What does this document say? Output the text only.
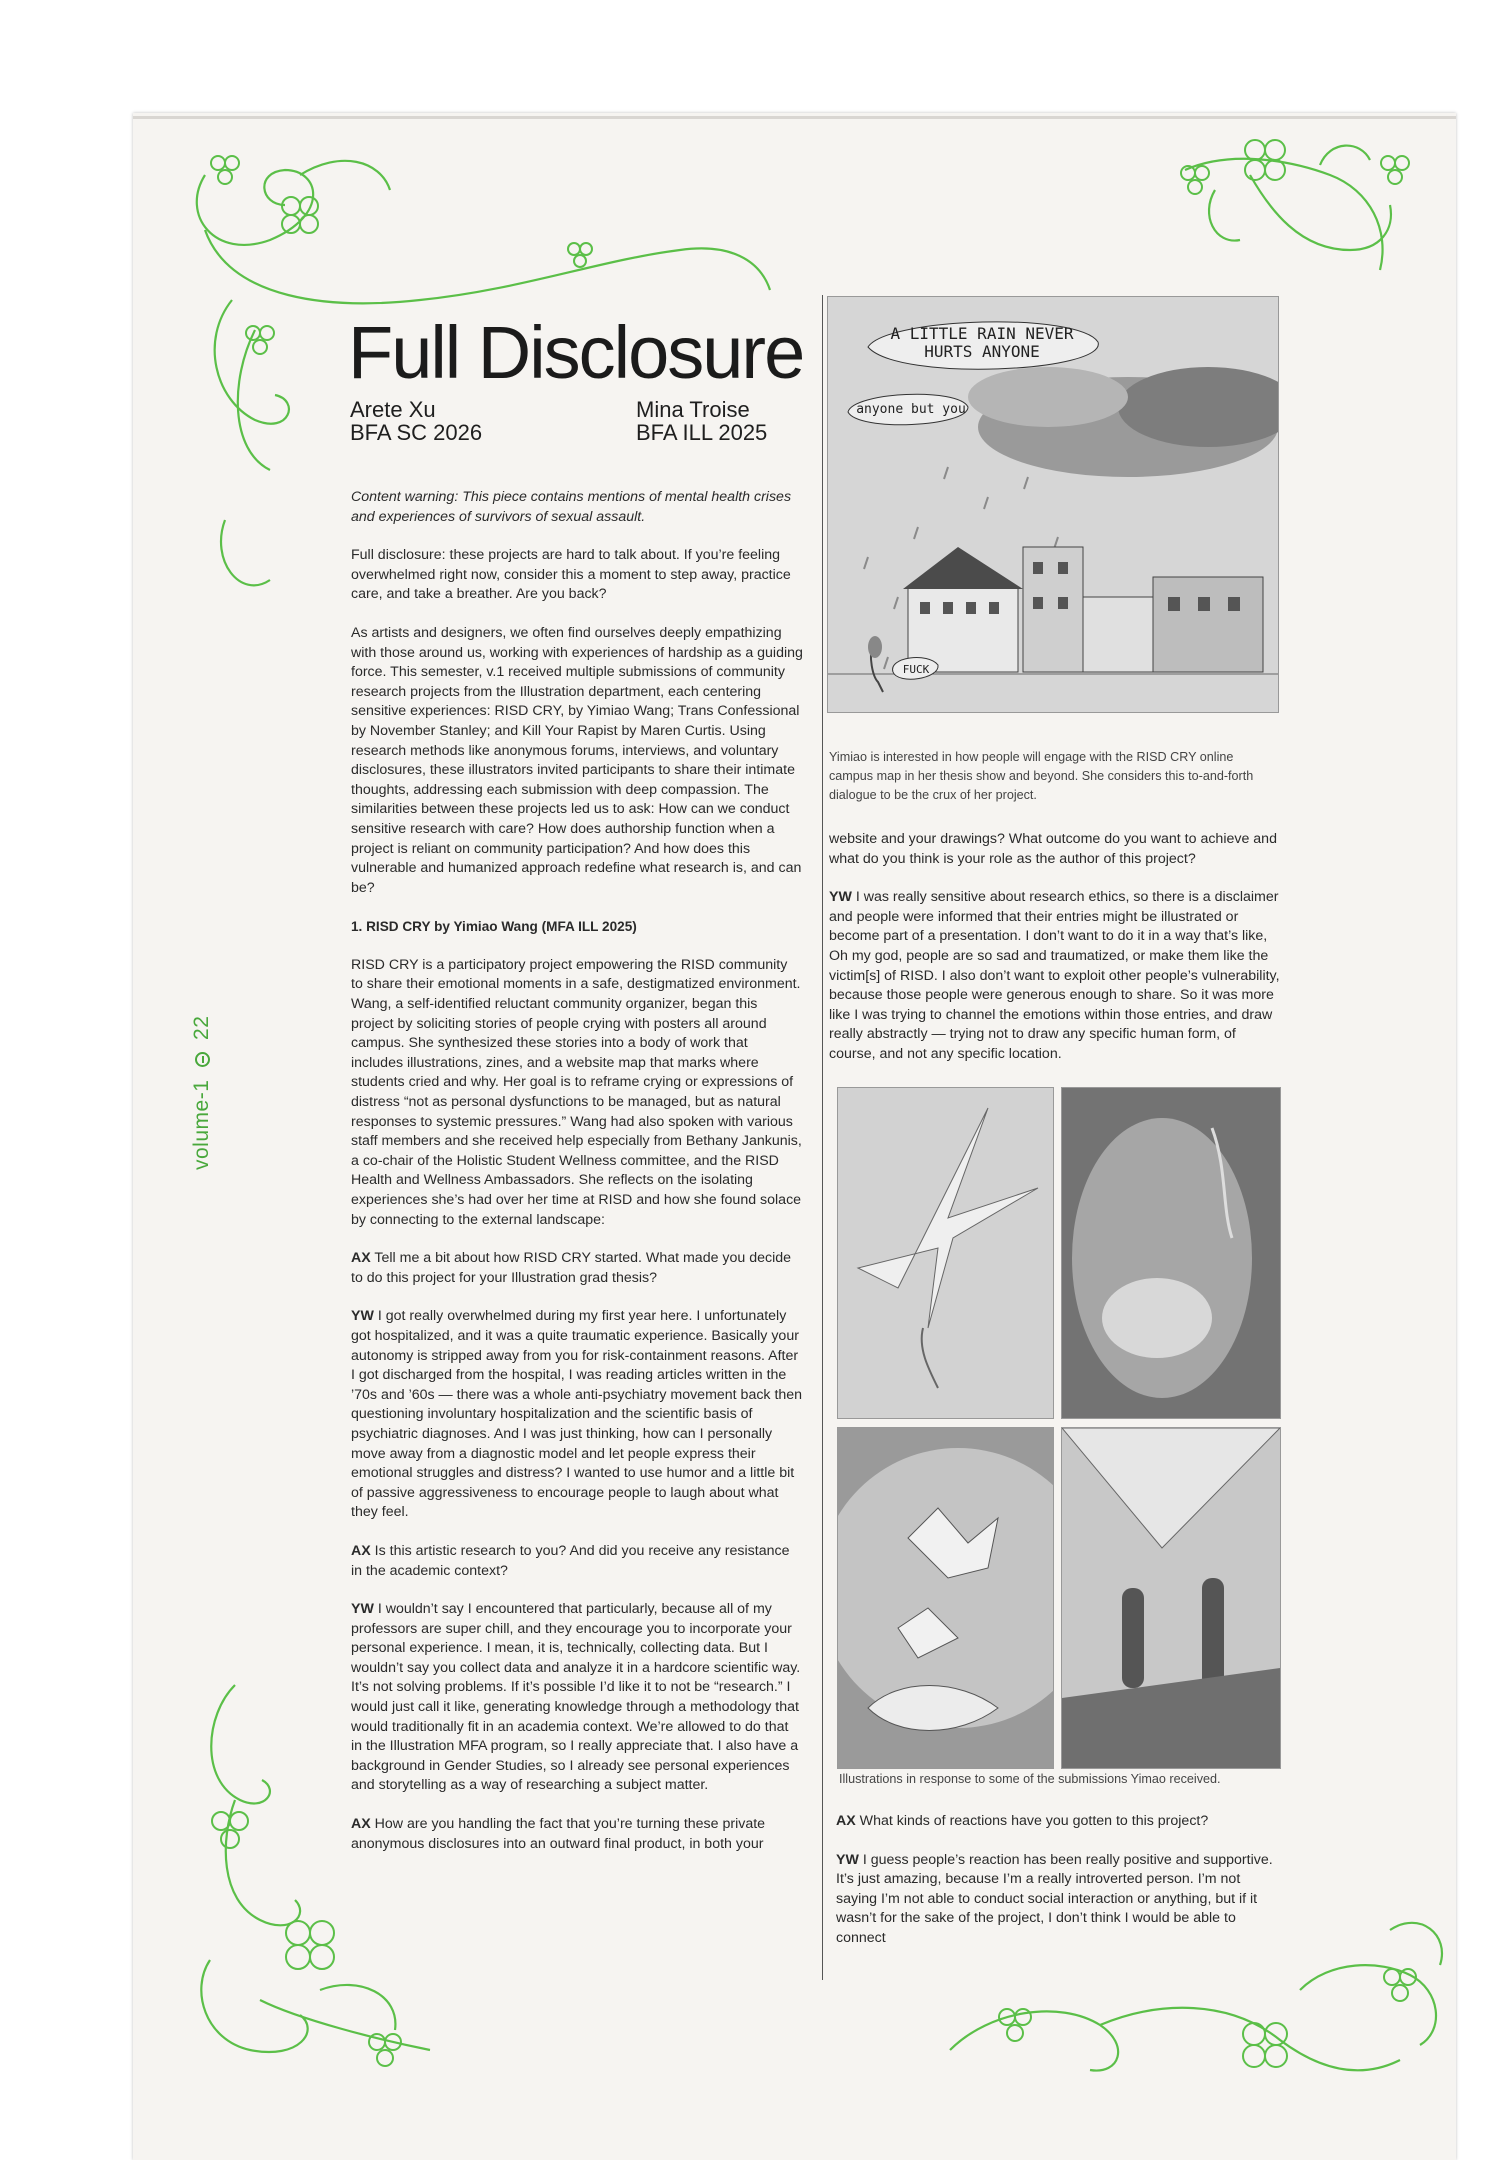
Full Disclosure
Arete Xu
BFA SC 2026
Mina Troise
BFA ILL 2025
volume-1  22

Content warning: This piece contains mentions of mental health crises and experiences of survivors of sexual assault.

Full disclosure: these projects are hard to talk about. If you’re feeling overwhelmed right now, consider this a moment to step away, practice care, and take a breather. Are you back?

As artists and designers, we often find ourselves deeply empathizing with those around us, working with experiences of hardship as a guiding force. This semester, v.1 received multiple submissions of community research projects from the Illustration department, each centering sensitive experiences: RISD CRY, by Yimiao Wang; Trans Confessional by November Stanley; and Kill Your Rapist by Maren Curtis. Using research methods like anonymous forums, interviews, and voluntary disclosures, these illustrators invited participants to share their intimate thoughts, addressing each submission with deep compassion. The similarities between these projects led us to ask: How can we conduct sensitive research with care? How does authorship function when a project is reliant on community participation? And how does this vulnerable and humanized approach redefine what research is, and can be?

1. RISD CRY by Yimiao Wang (MFA ILL 2025)

RISD CRY is a participatory project empowering the RISD community to share their emotional moments in a safe, destigmatized environment. Wang, a self-identified reluctant community organizer, began this project by soliciting stories of people crying with posters all around campus. She synthesized these stories into a body of work that includes illustrations, zines, and a website map that marks where students cried and why. Her goal is to reframe crying or expressions of distress “not as personal dysfunctions to be managed, but as natural responses to systemic pressures.” Wang had also spoken with various staff members and she received help especially from Bethany Jankunis, a co-chair of the Holistic Student Wellness committee, and the RISD Health and Wellness Ambassadors. She reflects on the isolating experiences she’s had over her time at RISD and how she found solace by connecting to the external landscape:

AX Tell me a bit about how RISD CRY started. What made you decide to do this project for your Illustration grad thesis?

YW I got really overwhelmed during my first year here. I unfortunately got hospitalized, and it was a quite traumatic experience. Basically your autonomy is stripped away from you for risk-containment reasons. After I got discharged from the hospital, I was reading articles written in the ’70s and ’60s — there was a whole anti-psychiatry movement back then questioning involuntary hospitalization and the scientific basis of psychiatric diagnoses. And I was just thinking, how can I personally move away from a diagnostic model and let people express their emotional struggles and distress? I wanted to use humor and a little bit of passive aggressiveness to encourage people to laugh about what they feel.

AX Is this artistic research to you? And did you receive any resistance in the academic context?

YW I wouldn’t say I encountered that particularly, because all of my professors are super chill, and they encourage you to incorporate your personal experience. I mean, it is, technically, collecting data. But I wouldn’t say you collect data and analyze it in a hardcore scientific way. It’s not solving problems. If it’s possible I’d like it to not be “research.” I would just call it like, generating knowledge through a methodology that would traditionally fit in an academia context. We’re allowed to do that in the Illustration MFA program, so I really appreciate that. I also have a background in Gender Studies, so I already see personal experiences and storytelling as a way of researching a subject matter.

AX How are you handling the fact that you’re turning these private anonymous disclosures into an outward final product, in both your

A LITTLE RAIN NEVER HURTS ANYONE
anyone but you
FUCK
Yimiao is interested in how people will engage with the RISD CRY online campus map in her thesis show and beyond. She considers this to-and-forth dialogue to be the crux of her project.

website and your drawings? What outcome do you want to achieve and what do you think is your role as the author of this project?

YW I was really sensitive about research ethics, so there is a disclaimer and people were informed that their entries might be illustrated or become part of a presentation. I don’t want to do it in a way that’s like, Oh my god, people are so sad and traumatized, or make them like the victim[s] of RISD. I also don’t want to exploit other people’s vulnerability, because those people were generous enough to share. So it was more like I was trying to channel the emotions within those entries, and draw really abstractly — trying not to draw any specific human form, of course, and not any specific location.

Illustrations in response to some of the submissions Yimao received.

AX What kinds of reactions have you gotten to this project?

YW I guess people’s reaction has been really positive and supportive. It’s just amazing, because I’m a really introverted person. I’m not saying I’m not able to conduct social interaction or anything, but if it wasn’t for the sake of the project, I don’t think I would be able to connect
